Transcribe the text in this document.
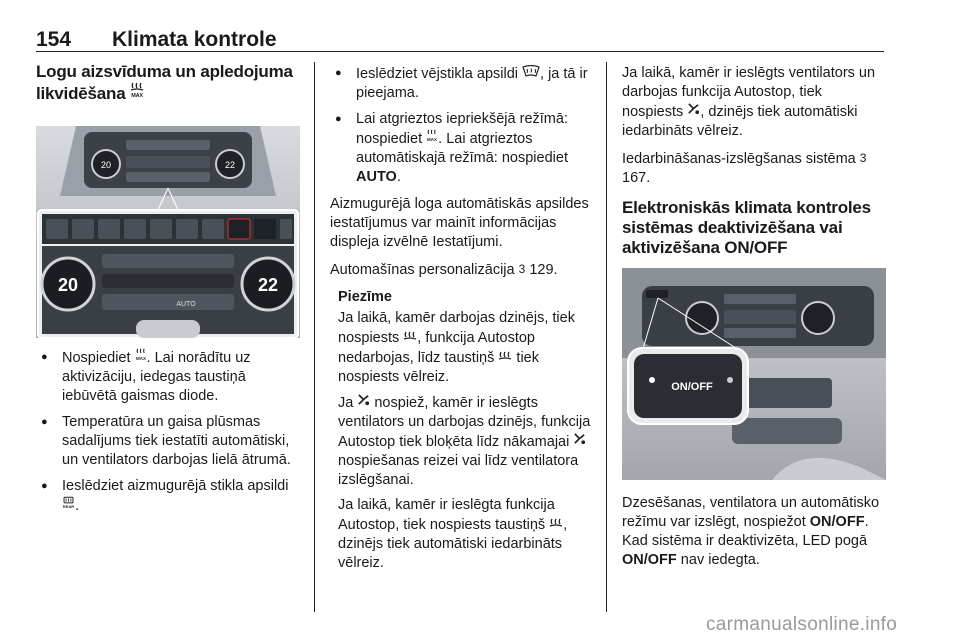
154 Klimata kontrole
Logu aizsvīduma un apledojuma likvidēšana MAX
20	22
20	22
AUTO
● Nospiediet MAX . Lai norādītu uz aktivizāciju, iedegas taustiņā iebūvētā gaismas diode.
● Temperatūra un gaisa plūsmas sadalījums tiek iestatīti automātiski, un ventilators darbojas lielā ātrumā.
● Ieslēdziet aizmugurējā stikla apsildi
REAR .
● Ieslēdziet vējstikla apsildi , ja tā ir pieejama.
● Lai atgrieztos iepriekšējā režīmā: nospiediet MAX . Lai atgrieztos automātiskajā režīmā: nospiediet AUTO.

Aizmugurējā loga automātiskās apsildes iestatījumus var mainīt informācijas displeja izvēlnē Iestatījumi.

Automašīnas personalizācija 3 129.

Piezīme

Ja laikā, kamēr darbojas dzinējs, tiek nospiests , funkcija Autostop nedarbojas, līdz taustiņš  tiek nospiests vēlreiz.

Ja  nospiež, kamēr ir ieslēgts ventilators un darbojas dzinējs, funkcija Autostop tiek bloķēta līdz nākamajai  nospiešanas reizei vai līdz ventilatora izslēgšanai.

Ja laikā, kamēr ir ieslēgta funkcija Autostop, tiek nospiests taustiņš , dzinējs tiek automātiski iedarbināts vēlreiz.

Ja laikā, kamēr ir ieslēgts ventilators un darbojas funkcija Autostop, tiek nospiests , dzinējs tiek automātiski iedarbināts vēlreiz.

Iedarbināšanas-izslēgšanas sistēma 3 167.

Elektroniskās klimata kontroles sistēmas deaktivizēšana vai aktivizēšana ON/OFF
ON/OFF

Dzesēšanas, ventilatora un automātisko režīmu var izslēgt, nospiežot ON/OFF. Kad sistēma ir deaktivizēta, LED pogā ON/OFF nav iedegta.

carmanualsonline.info
